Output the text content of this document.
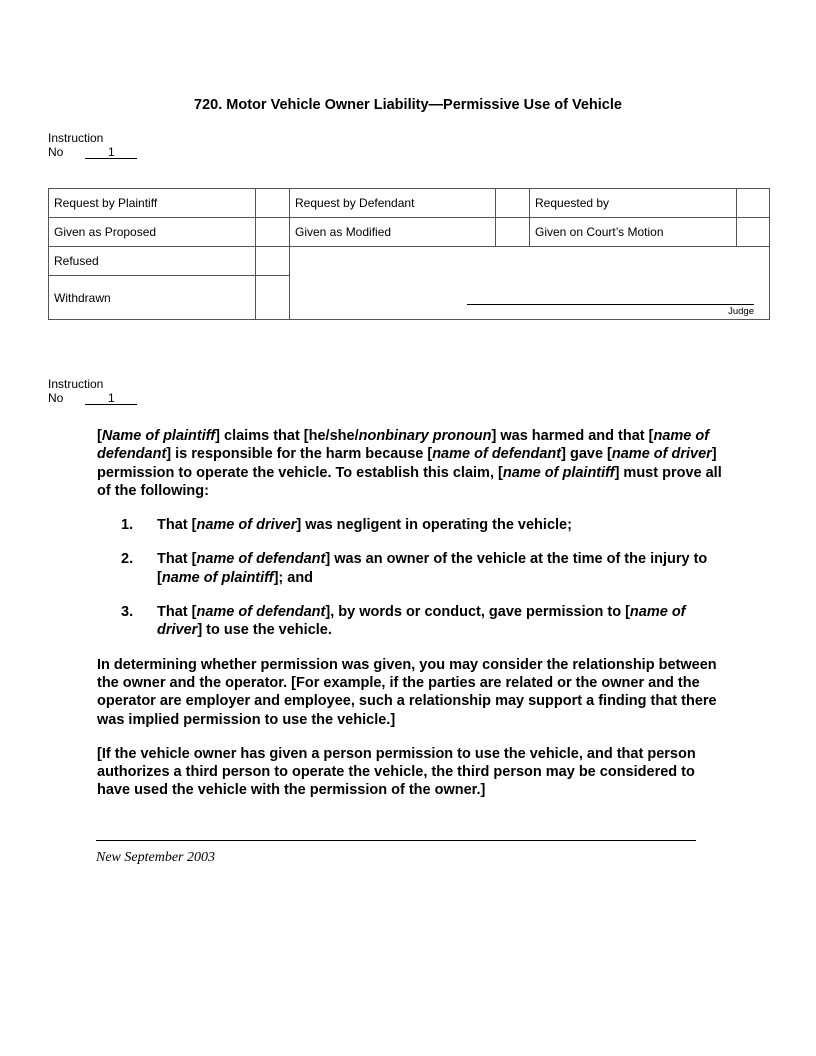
720. Motor Vehicle Owner Liability—Permissive Use of Vehicle
Instruction
No	1
Request by Plaintiff		Request by Defendant		Requested by	
Given as Proposed		Given as Modified		Given on Court’s Motion	
Refused		Judge			

Withdrawn					
Instruction
No	1

[Name of plaintiff] claims that [he/she/nonbinary pronoun] was harmed and that [name of defendant] is responsible for the harm because [name of defendant] gave [name of driver] permission to operate the vehicle. To establish this claim, [name of plaintiff] must prove all of the following:

1. That [name of driver] was negligent in operating the vehicle;
2. That [name of defendant] was an owner of the vehicle at the time of the injury to [name of plaintiff]; and
3. That [name of defendant], by words or conduct, gave permission to [name of driver] to use the vehicle.

In determining whether permission was given, you may consider the relationship between the owner and the operator. [For example, if the parties are related or the owner and the operator are employer and employee, such a relationship may support a finding that there was implied permission to use the vehicle.]

[If the vehicle owner has given a person permission to use the vehicle, and that person authorizes a third person to operate the vehicle, the third person may be considered to have used the vehicle with the permission of the owner.]

New September 2003
